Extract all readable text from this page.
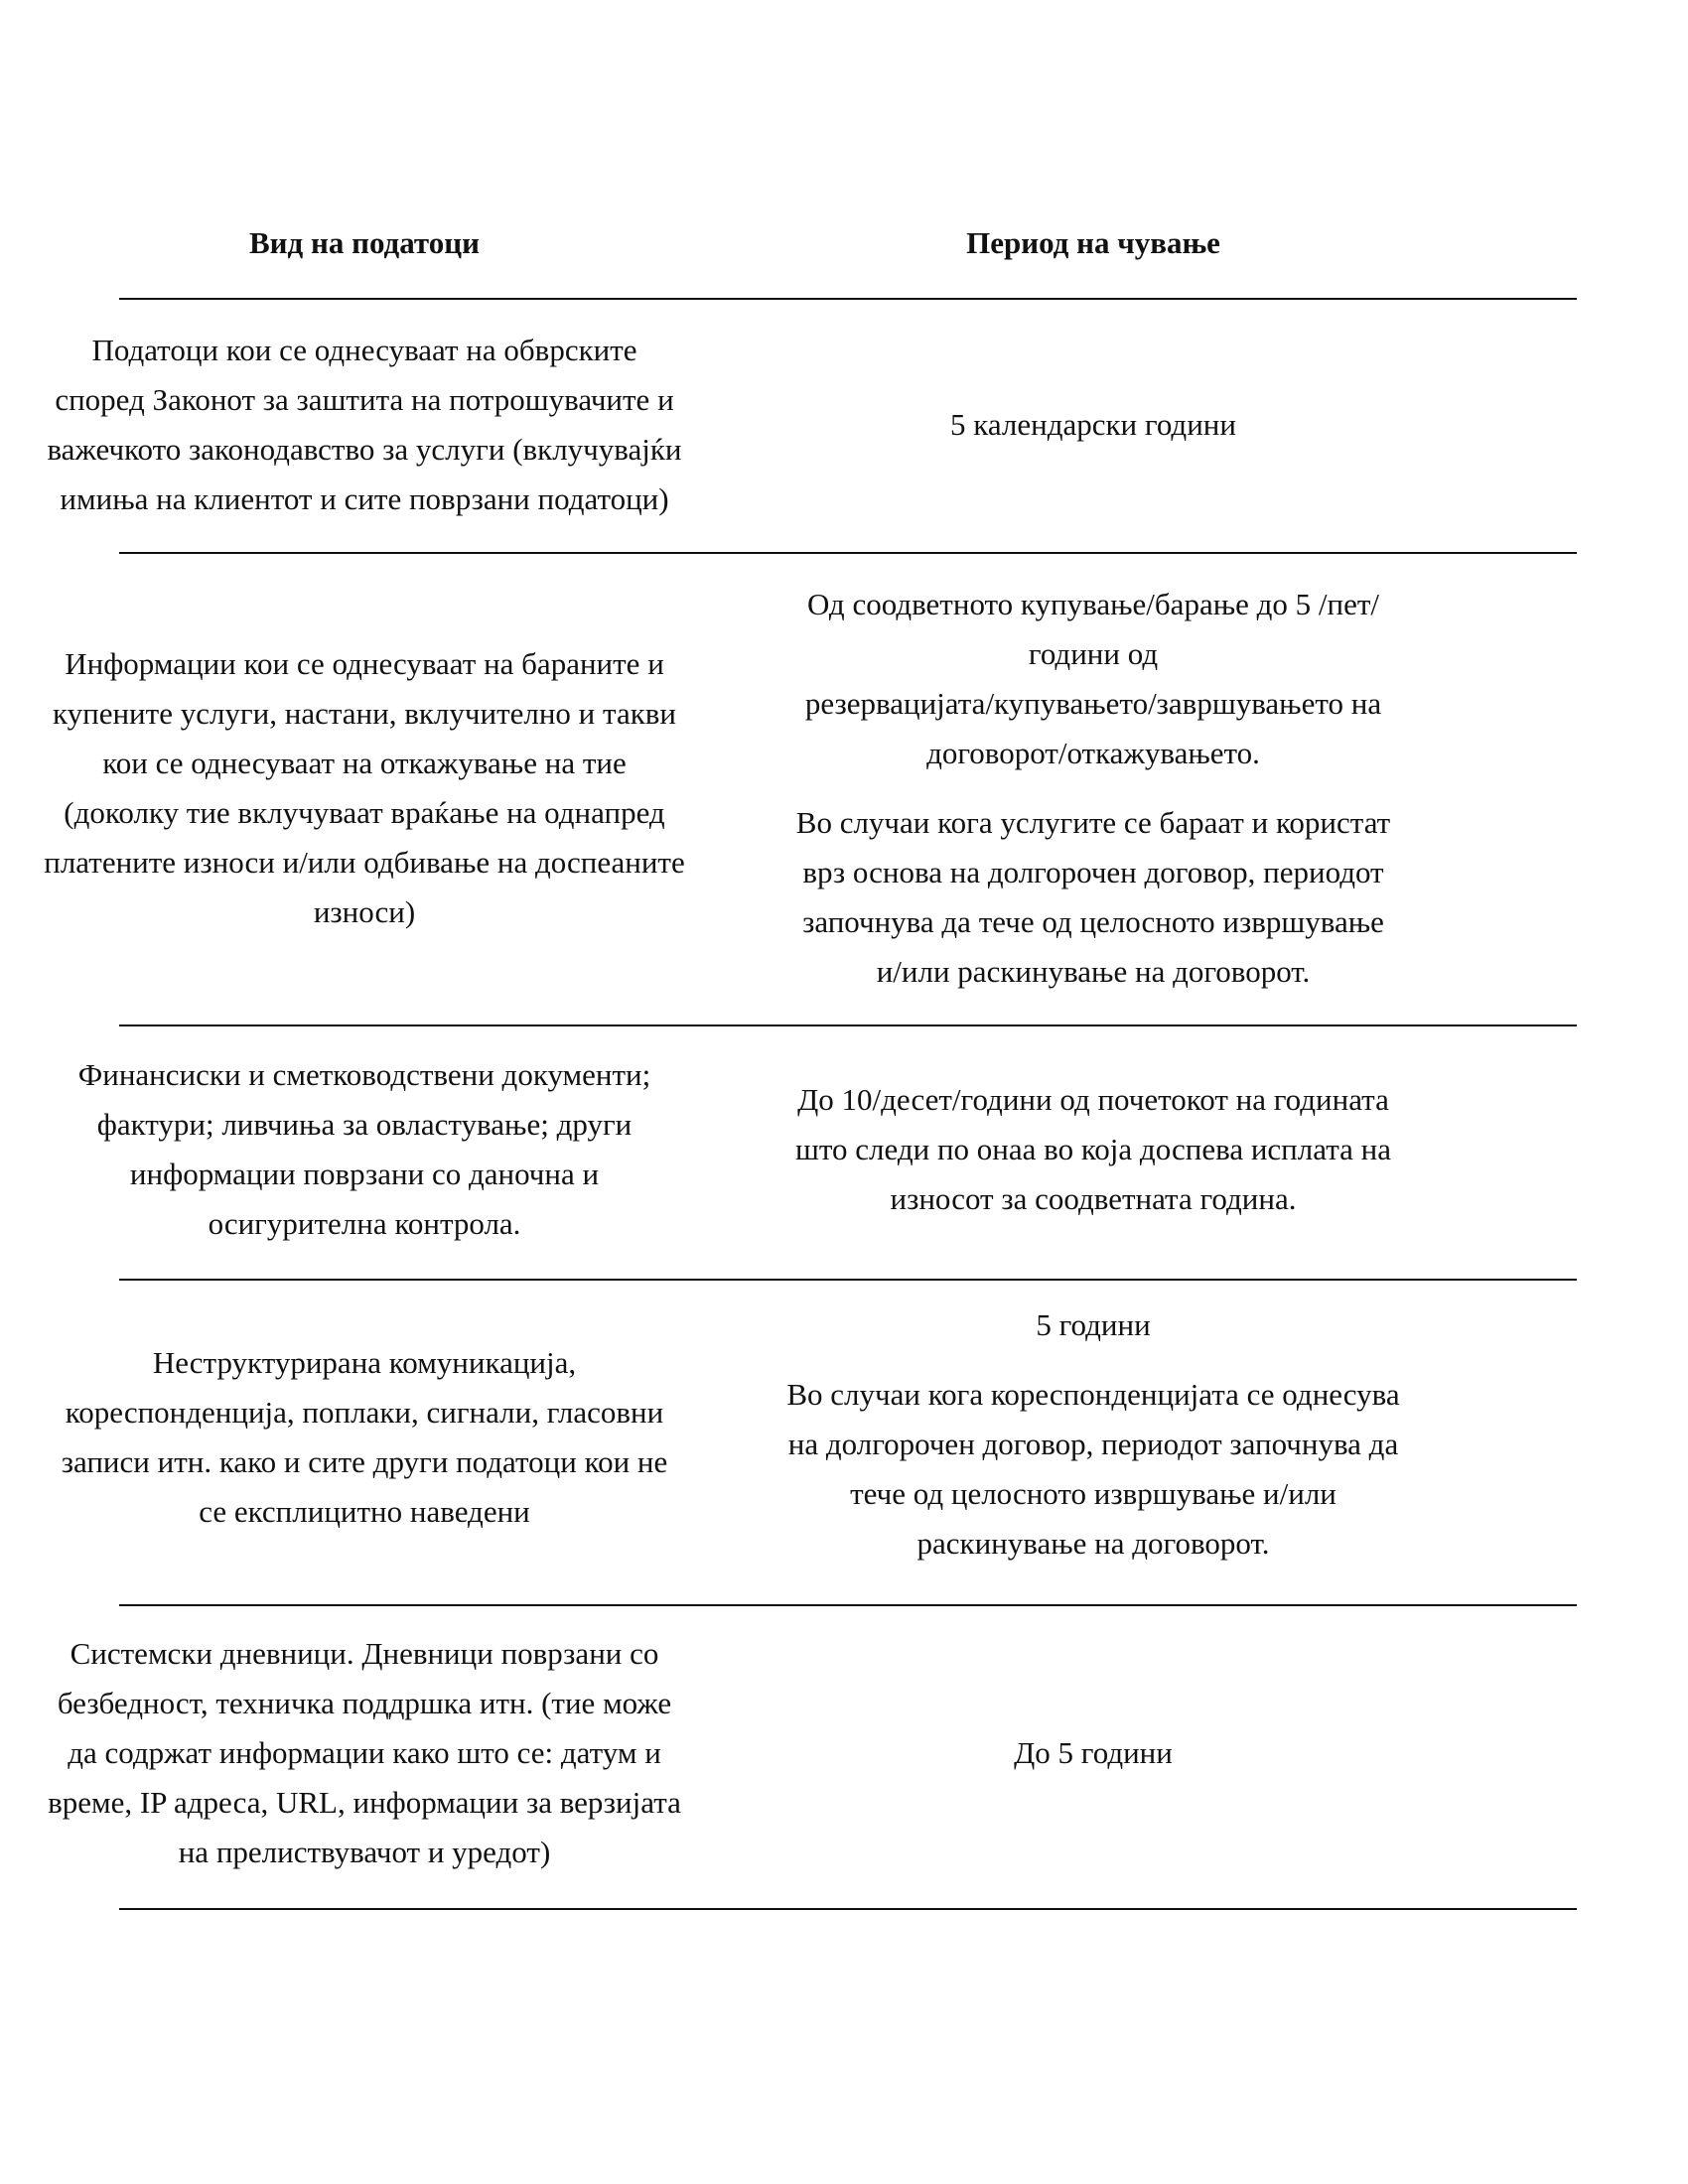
Вид на податоци	Период на чување
Податоци кои се однесуваат на обврските
според Законот за заштита на потрошувачите и
важечкото законодавство за услуги (вклучувајќи
имиња на клиентот и сите поврзани податоци)
5 календарски години
Информации кои се однесуваат на бараните и
купените услуги, настани, вклучително и такви
кои се однесуваат на откажување на тие
(доколку тие вклучуваат враќање на однапред
платените износи и/или одбивање на доспеаните
износи)
Од соодветното купување/барање до 5 /пет/
години од
резервацијата/купувањето/завршувањето на
договорот/откажувањето.
Во случаи кога услугите се бараат и користат
врз основа на долгорочен договор, периодот
започнува да тече од целосното извршување
и/или раскинување на договорот.
Финансиски и сметководствени документи;
фактури; ливчиња за овластување; други
информации поврзани со даночна и
осигурителна контрола.
До 10/десет/години од почетокот на годината
што следи по онаа во која доспева исплата на
износот за соодветната година.
Неструктурирана комуникација,
кореспонденција, поплаки, сигнали, гласовни
записи итн. како и сите други податоци кои не
се експлицитно наведени
5 години
Во случаи кога кореспонденцијата се однесува
на долгорочен договор, периодот започнува да
тече од целосното извршување и/или
раскинување на договорот.
Системски дневници. Дневници поврзани со
безбедност, техничка поддршка итн. (тие може
да содржат информации како што се: датум и
време, IP адреса, URL, информации за верзијата
на прелиствувачот и уредот)
До 5 години
